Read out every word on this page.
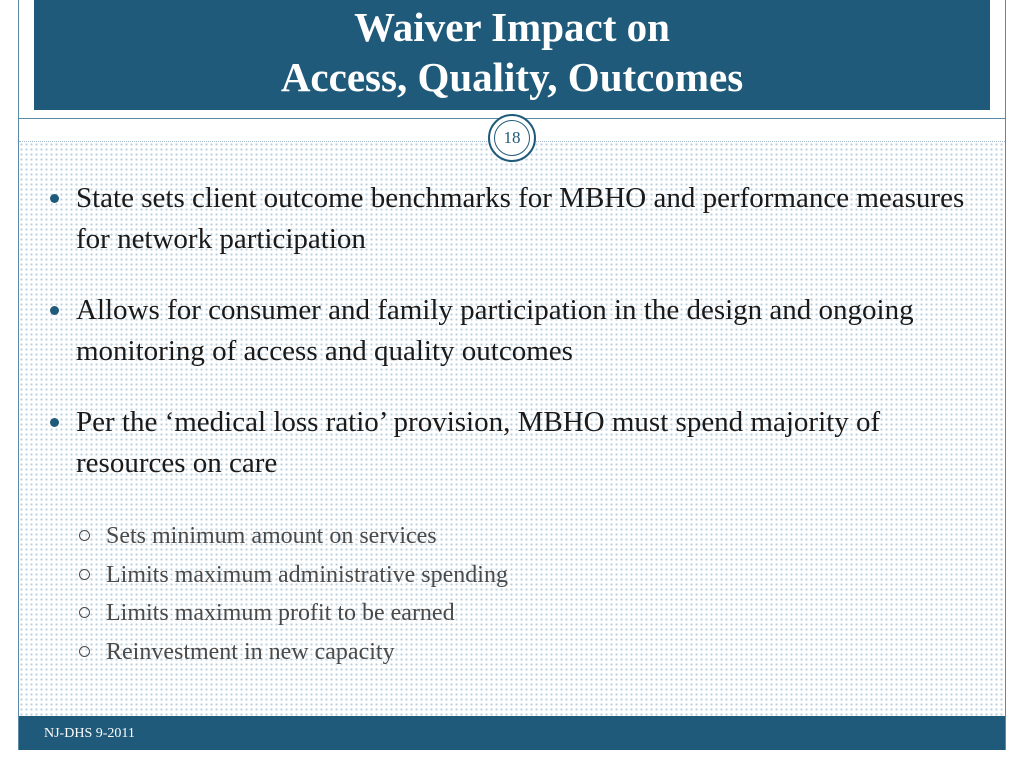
Waiver Impact on
Access, Quality, Outcomes
18
State sets client outcome benchmarks for MBHO and performance measures for network participation
Allows for consumer and family participation in the design and ongoing monitoring of access and quality outcomes
Per the ‘medical loss ratio’ provision, MBHO must spend majority of resources on care
Sets minimum amount on services
Limits maximum administrative spending
Limits maximum profit to be earned
Reinvestment in new capacity
NJ-DHS 9-2011
